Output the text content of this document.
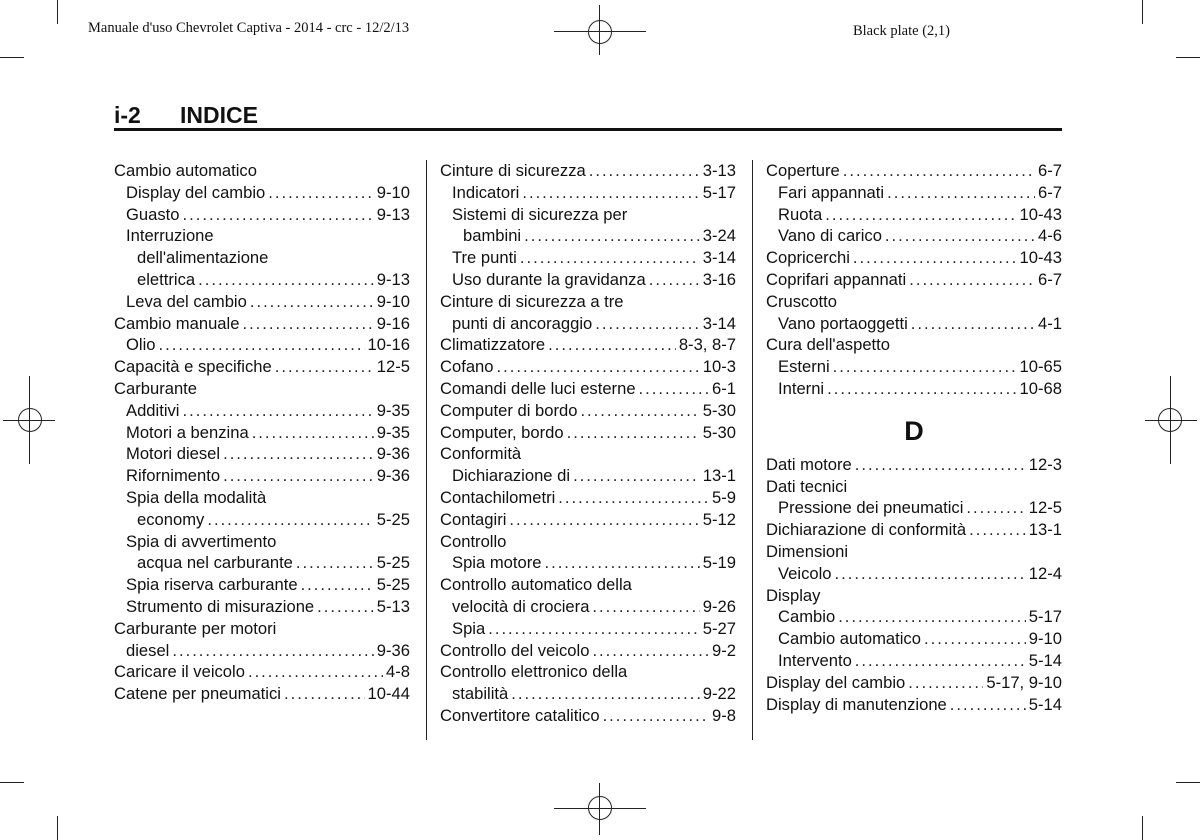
Manuale d'uso Chevrolet Captiva - 2014 - crc - 12/2/13	Black plate (2,1)
i-2 INDICE
Cambio automatico
Display del cambio .....	9-10
Guasto .....	9-13
Interruzione
dell'alimentazione
elettrica .....	9-13
Leva del cambio .....	9-10
Cambio manuale .....	9-16
Olio .....	10-16
Capacità e specifiche .....	12-5
Carburante
Additivi .....	9-35
Motori a benzina .....	9-35
Motori diesel .....	9-36
Rifornimento .....	9-36
Spia della modalità
economy .....	5-25
Spia di avvertimento
acqua nel carburante .....	5-25
Spia riserva carburante .....	5-25
Strumento di misurazione .....	5-13
Carburante per motori
diesel .....	9-36
Caricare il veicolo .....	4-8
Catene per pneumatici .....	10-44
Cinture di sicurezza .....	3-13
Indicatori .....	5-17
Sistemi di sicurezza per
bambini .....	3-24
Tre punti .....	3-14
Uso durante la gravidanza .....	3-16
Cinture di sicurezza a tre
punti di ancoraggio .....	3-14
Climatizzatore .....	8-3, 8-7
Cofano .....	10-3
Comandi delle luci esterne .....	6-1
Computer di bordo .....	5-30
Computer, bordo .....	5-30
Conformità
Dichiarazione di .....	13-1
Contachilometri .....	5-9
Contagiri .....	5-12
Controllo
Spia motore .....	5-19
Controllo automatico della
velocità di crociera .....	9-26
Spia .....	5-27
Controllo del veicolo .....	9-2
Controllo elettronico della
stabilità .....	9-22
Convertitore catalitico .....	9-8
Coperture .....	6-7
Fari appannati .....	6-7
Ruota .....	10-43
Vano di carico .....	4-6
Copricerchi .....	10-43
Coprifari appannati .....	6-7
Cruscotto
Vano portaoggetti .....	4-1
Cura dell'aspetto
Esterni .....	10-65
Interni .....	10-68
D
Dati motore .....	12-3
Dati tecnici
Pressione dei pneumatici .....	12-5
Dichiarazione di conformità .....	13-1
Dimensioni
Veicolo .....	12-4
Display
Cambio .....	5-17
Cambio automatico .....	9-10
Intervento .....	5-14
Display del cambio .....	5-17, 9-10
Display di manutenzione .....	5-14
